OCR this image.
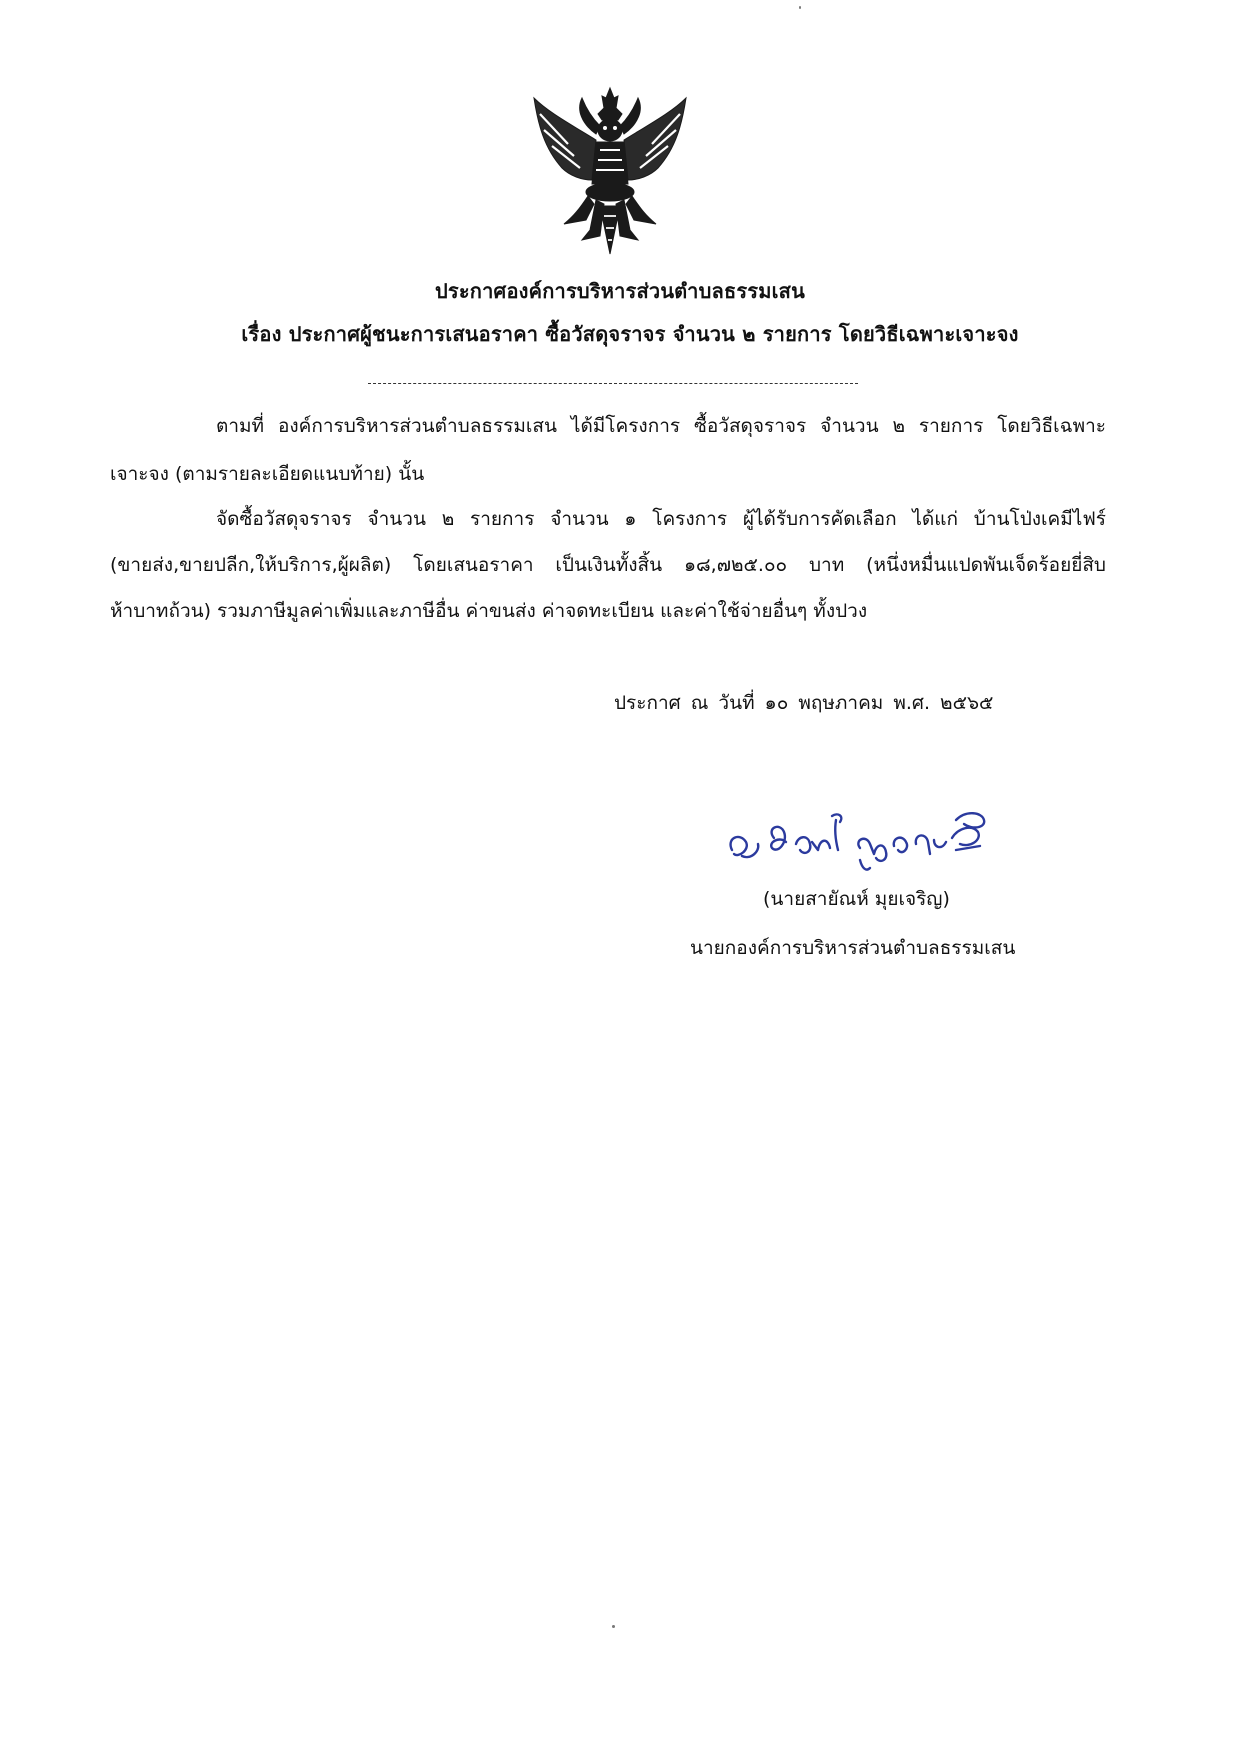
ประกาศองค์การบริหารส่วนตำบลธรรมเสน
เรื่อง ประกาศผู้ชนะการเสนอราคา ซื้อวัสดุจราจร จำนวน ๒ รายการ โดยวิธีเฉพาะเจาะจง
ตามที่ องค์การบริหารส่วนตำบลธรรมเสน ได้มีโครงการ ซื้อวัสดุจราจร จำนวน ๒ รายการ โดยวิธีเฉพาะ
เจาะจง (ตามรายละเอียดแนบท้าย) นั้น
จัดซื้อวัสดุจราจร จำนวน ๒ รายการ จำนวน ๑ โครงการ ผู้ได้รับการคัดเลือก ได้แก่ บ้านโป่งเคมีไฟร์
(ขายส่ง,ขายปลีก,ให้บริการ,ผู้ผลิต) โดยเสนอราคา เป็นเงินทั้งสิ้น ๑๘,๗๒๕.๐๐ บาท (หนึ่งหมื่นแปดพันเจ็ดร้อยยี่สิบ
ห้าบาทถ้วน) รวมภาษีมูลค่าเพิ่มและภาษีอื่น ค่าขนส่ง ค่าจดทะเบียน และค่าใช้จ่ายอื่นๆ ทั้งปวง
ประกาศ ณ วันที่ ๑๐ พฤษภาคม พ.ศ. ๒๕๖๕
(นายสายัณห์ มุยเจริญ)
นายกองค์การบริหารส่วนตำบลธรรมเสน
